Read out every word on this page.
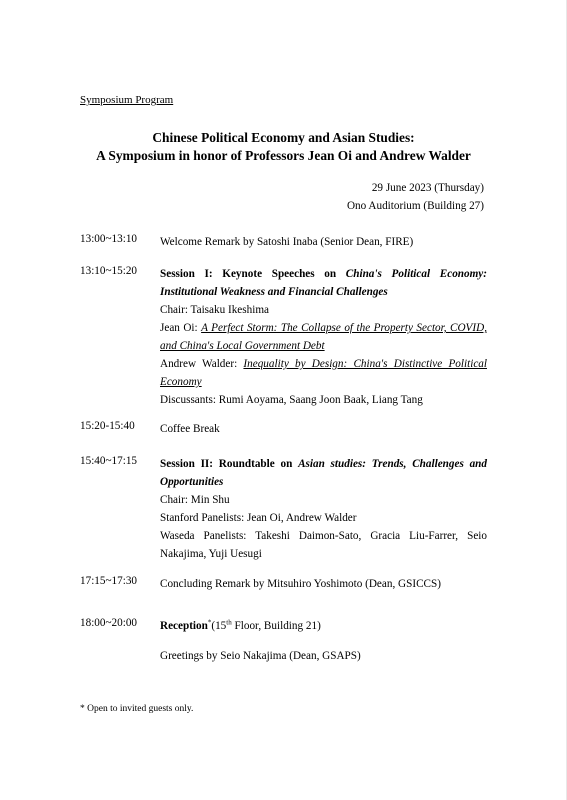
Symposium Program
Chinese Political Economy and Asian Studies:
A Symposium in honor of Professors Jean Oi and Andrew Walder
29 June 2023 (Thursday)
Ono Auditorium (Building 27)
13:00~13:10	Welcome Remark by Satoshi Inaba (Senior Dean, FIRE)

13:10~15:20	Session I: Keynote Speeches on China's Political Economy: Institutional Weakness and Financial Challenges

Chair: Taisaku Ikeshima

Jean Oi: A Perfect Storm: The Collapse of the Property Sector, COVID, and China's Local Government Debt

Andrew Walder: Inequality by Design: China's Distinctive Political Economy

Discussants: Rumi Aoyama, Saang Joon Baak, Liang Tang

15:20-15:40	Coffee Break

15:40~17:15	Session II: Roundtable on Asian studies: Trends, Challenges and Opportunities

Chair: Min Shu

Stanford Panelists: Jean Oi, Andrew Walder

Waseda Panelists: Takeshi Daimon-Sato, Gracia Liu-Farrer, Seio Nakajima, Yuji Uesugi

17:15~17:30	Concluding Remark by Mitsuhiro Yoshimoto (Dean, GSICCS)

18:00~20:00	Reception*(15th Floor, Building 21)

Greetings by Seio Nakajima (Dean, GSAPS)

* Open to invited guests only.
